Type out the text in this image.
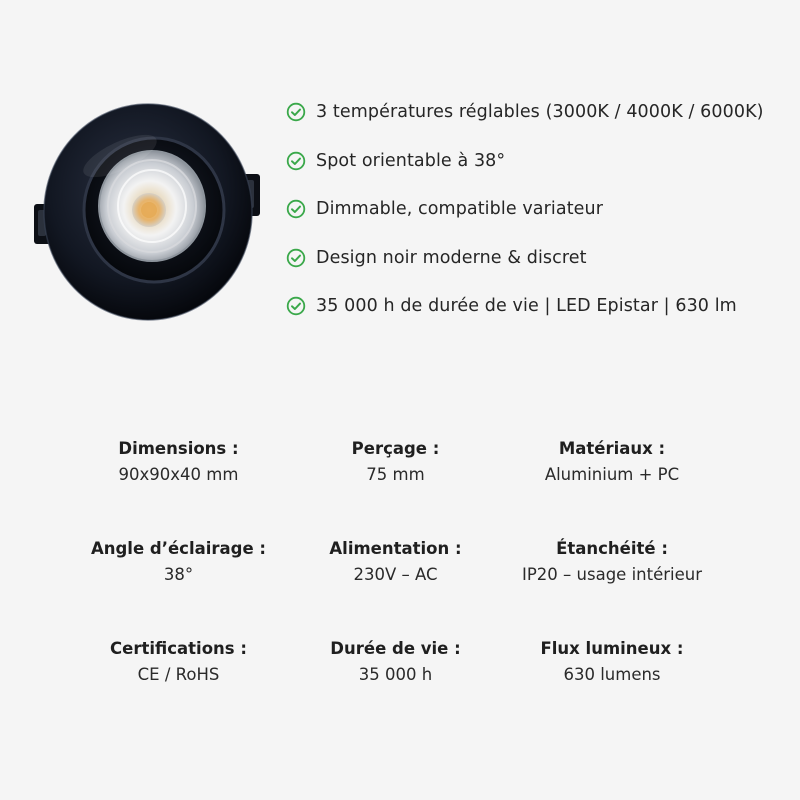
3 températures réglables (3000K / 4000K / 6000K)
Spot orientable à 38°
Dimmable, compatible variateur
Design noir moderne & discret
35 000 h de durée de vie | LED Epistar | 630 lm
Dimensions :
90x90x40 mm
Perçage :
75 mm
Matériaux :
Aluminium + PC
Angle d’éclairage :
38°
Alimentation :
230V – AC
Étanchéité :
IP20 – usage intérieur
Certifications :
CE / RoHS
Durée de vie :
35 000 h
Flux lumineux :
630 lumens
